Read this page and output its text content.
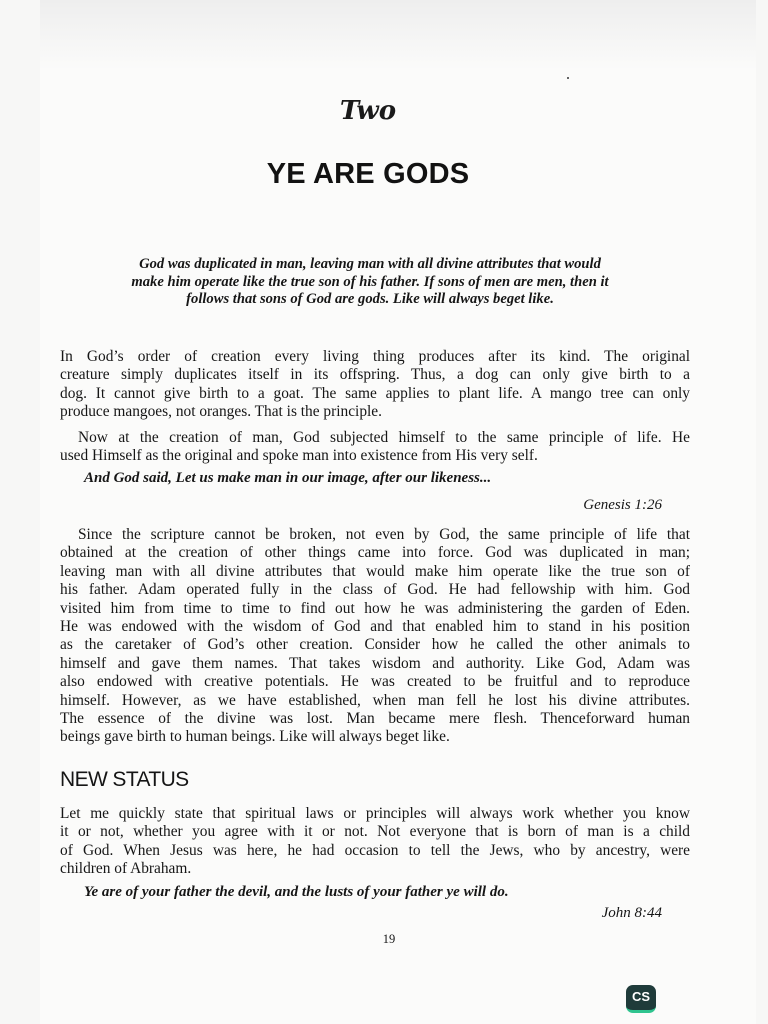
Two
YE ARE GODS
God was duplicated in man, leaving man with all divine attributes that would
make him operate like the true son of his father. If sons of men are men, then it
follows that sons of God are gods. Like will always beget like.
In God’s order of creation every living thing produces after its kind. The original
creature simply duplicates itself in its offspring. Thus, a dog can only give birth to a
dog. It cannot give birth to a goat. The same applies to plant life. A mango tree can only
produce mangoes, not oranges. That is the principle.
Now at the creation of man, God subjected himself to the same principle of life. He
used Himself as the original and spoke man into existence from His very self.
And God said, Let us make man in our image, after our likeness...
Genesis 1:26
Since the scripture cannot be broken, not even by God, the same principle of life that
obtained at the creation of other things came into force. God was duplicated in man;
leaving man with all divine attributes that would make him operate like the true son of
his father. Adam operated fully in the class of God. He had fellowship with him. God
visited him from time to time to find out how he was administering the garden of Eden.
He was endowed with the wisdom of God and that enabled him to stand in his position
as the caretaker of God’s other creation. Consider how he called the other animals to
himself and gave them names. That takes wisdom and authority. Like God, Adam was
also endowed with creative potentials. He was created to be fruitful and to reproduce
himself. However, as we have established, when man fell he lost his divine attributes.
The essence of the divine was lost. Man became mere flesh. Thenceforward human
beings gave birth to human beings. Like will always beget like.
NEW STATUS
Let me quickly state that spiritual laws or principles will always work whether you know
it or not, whether you agree with it or not. Not everyone that is born of man is a child
of God. When Jesus was here, he had occasion to tell the Jews, who by ancestry, were
children of Abraham.
Ye are of your father the devil, and the lusts of your father ye will do.
John 8:44
19
CS
